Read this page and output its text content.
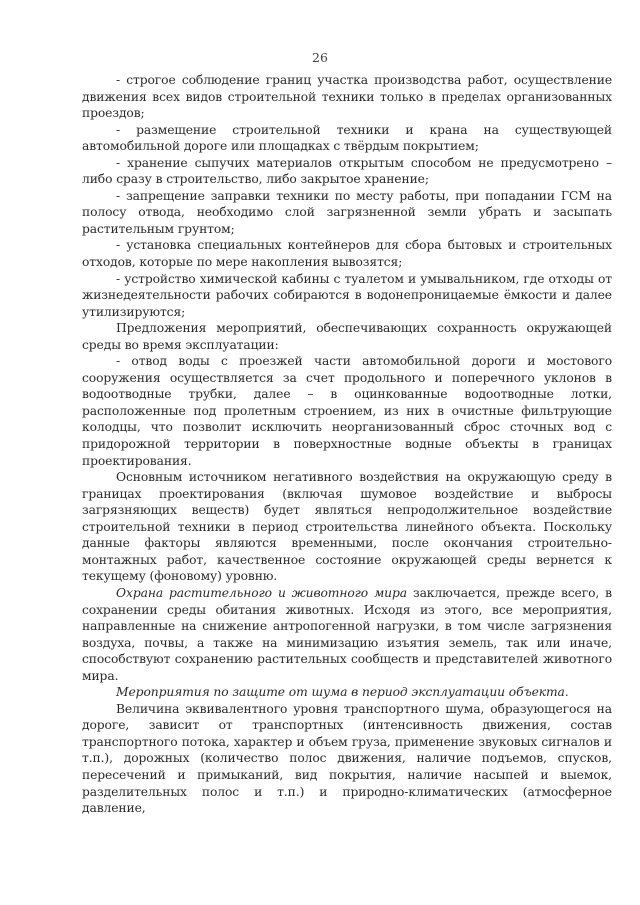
26

- строгое соблюдение границ участка производства работ, осуществление движения всех видов строительной техники только в пределах организованных проездов;

- размещение строительной техники и крана на существующей автомобильной дороге или площадках с твёрдым покрытием;

- хранение сыпучих материалов открытым способом не предусмотрено – либо сразу в строительство, либо закрытое хранение;

- запрещение заправки техники по месту работы, при попадании ГСМ на полосу отвода, необходимо слой загрязненной земли убрать и засыпать растительным грунтом;

- установка специальных контейнеров для сбора бытовых и строительных отходов, которые по мере накопления вывозятся;

- устройство химической кабины с туалетом и умывальником, где отходы от жизнедеятельности рабочих собираются в водонепроницаемые ёмкости и далее утилизируются;

Предложения мероприятий, обеспечивающих сохранность окружающей среды во время эксплуатации:

- отвод воды с проезжей части автомобильной дороги и мостового сооружения осуществляется за счет продольного и поперечного уклонов в водоотводные трубки, далее – в оцинкованные водоотводные лотки, расположенные под пролетным строением, из них в очистные фильтрующие колодцы, что позволит исключить неорганизованный сброс сточных вод с придорожной территории в поверхностные водные объекты в границах проектирования.

Основным источником негативного воздействия на окружающую среду в границах проектирования (включая шумовое воздействие и выбросы загрязняющих веществ) будет являться непродолжительное воздействие строительной техники в период строительства линейного объекта. Поскольку данные факторы являются временными, после окончания строительно-монтажных работ, качественное состояние окружающей среды вернется к текущему (фоновому) уровню.

Охрана растительного и животного мира заключается, прежде всего, в сохранении среды обитания животных. Исходя из этого, все мероприятия, направленные на снижение антропогенной нагрузки, в том числе загрязнения воздуха, почвы, а также на минимизацию изъятия земель, так или иначе, способствуют сохранению растительных сообществ и представителей животного мира.

Мероприятия по защите от шума в период эксплуатации объекта.

Величина эквивалентного уровня транспортного шума, образующегося на дороге, зависит от транспортных (интенсивность движения, состав транспортного потока, характер и объем груза, применение звуковых сигналов и т.п.), дорожных (количество полос движения, наличие подъемов, спусков, пересечений и примыканий, вид покрытия, наличие насыпей и выемок, разделительных полос и т.п.) и природно-климатических (атмосферное давление,
